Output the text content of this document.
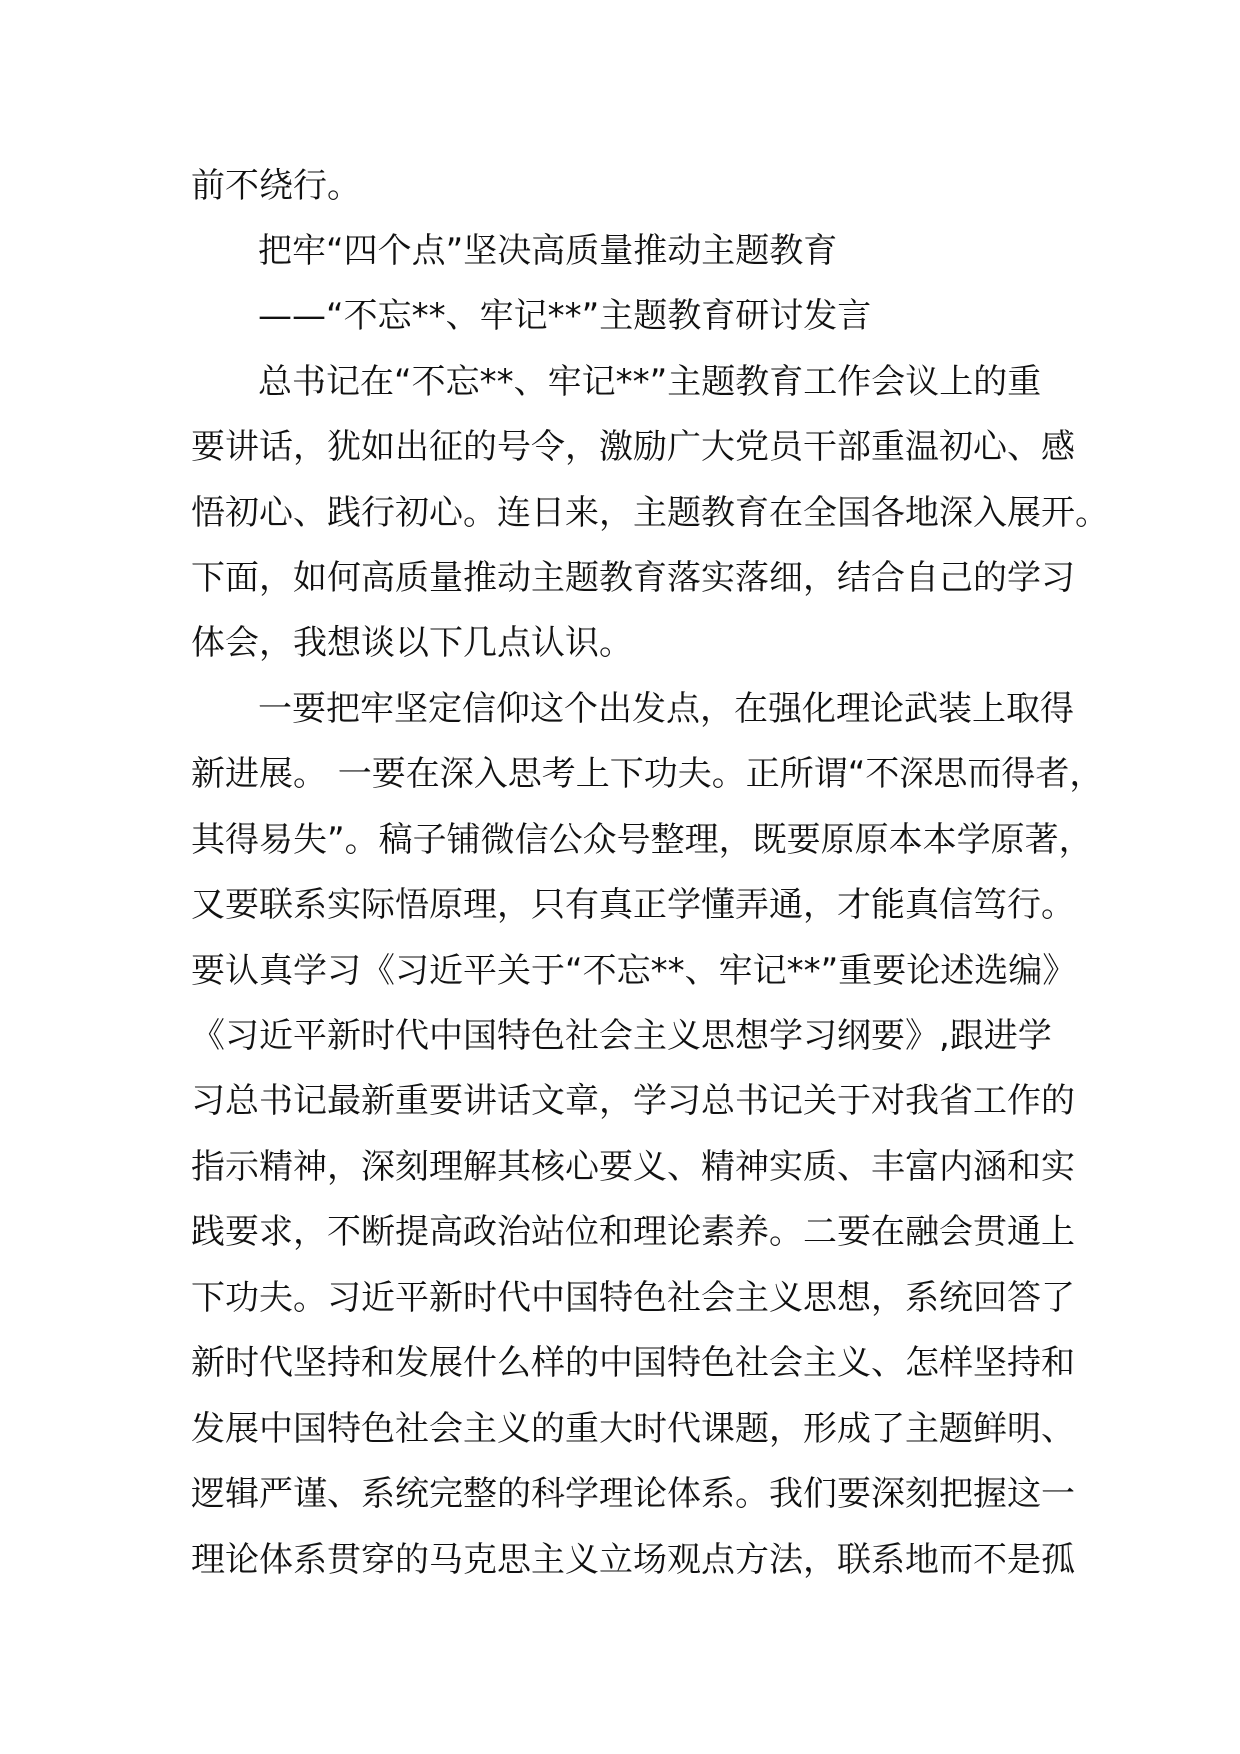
前不绕行。
把牢“四个点”坚决高质量推动主题教育
——“不忘**、牢记**”主题教育研讨发言
总书记在“不忘**、牢记**”主题教育工作会议上的重
要讲话，犹如出征的号令，激励广大党员干部重温初心、感
悟初心、践行初心。连日来，主题教育在全国各地深入展开。
下面，如何高质量推动主题教育落实落细，结合自己的学习
体会，我想谈以下几点认识。
一要把牢坚定信仰这个出发点，在强化理论武装上取得
新进展。 一要在深入思考上下功夫。正所谓“不深思而得者，
其得易失”。稿子铺微信公众号整理，既要原原本本学原著，
又要联系实际悟原理，只有真正学懂弄通，才能真信笃行。
要认真学习《习近平关于“不忘**、牢记**”重要论述选编》
《习近平新时代中国特色社会主义思想学习纲要》,跟进学
习总书记最新重要讲话文章，学习总书记关于对我省工作的
指示精神，深刻理解其核心要义、精神实质、丰富内涵和实
践要求，不断提高政治站位和理论素养。二要在融会贯通上
下功夫。习近平新时代中国特色社会主义思想，系统回答了
新时代坚持和发展什么样的中国特色社会主义、怎样坚持和
发展中国特色社会主义的重大时代课题，形成了主题鲜明、
逻辑严谨、系统完整的科学理论体系。我们要深刻把握这一
理论体系贯穿的马克思主义立场观点方法，联系地而不是孤
